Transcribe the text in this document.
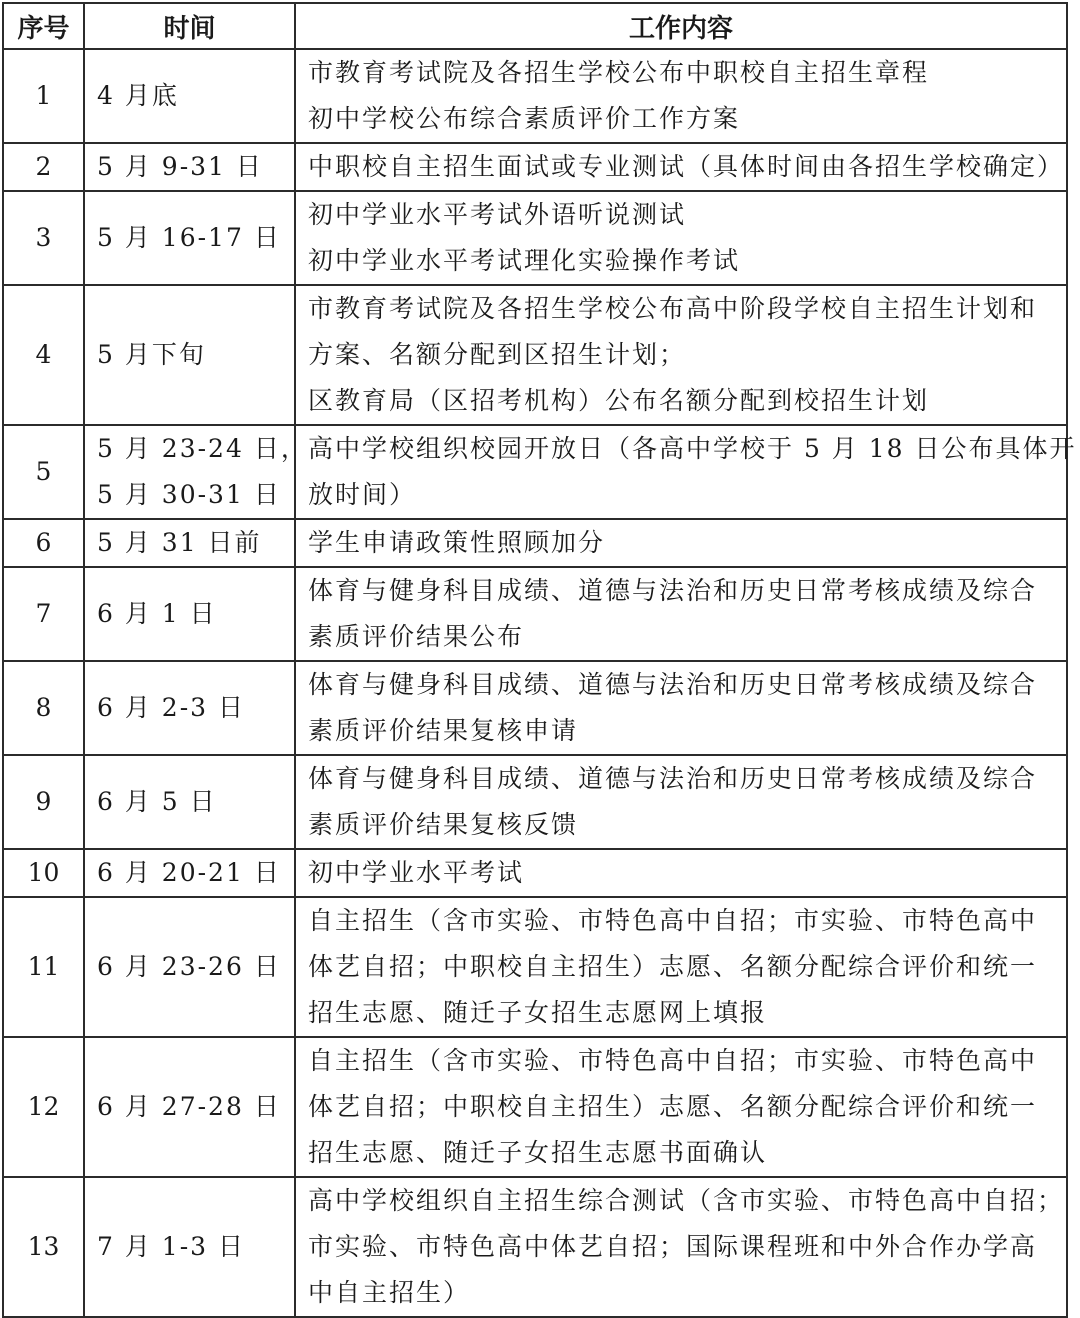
序号	时间	工作内容
1	4 月底	市教育考试院及各招生学校公布中职校自主招生章程
初中学校公布综合素质评价工作方案

2	5 月 9-31 日	中职校自主招生面试或专业测试（具体时间由各招生学校确定）

3	5 月 16-17 日	初中学业水平考试外语听说测试
初中学业水平考试理化实验操作考试

4	5 月下旬	市教育考试院及各招生学校公布高中阶段学校自主招生计划和
方案、名额分配到区招生计划；
区教育局（区招考机构）公布名额分配到校招生计划

5	5 月 23-24 日，
5 月 30-31 日	高中学校组织校园开放日（各高中学校于 5 月 18 日公布具体开
放时间）

6	5 月 31 日前	学生申请政策性照顾加分

7	6 月 1 日	体育与健身科目成绩、道德与法治和历史日常考核成绩及综合
素质评价结果公布

8	6 月 2-3 日	体育与健身科目成绩、道德与法治和历史日常考核成绩及综合
素质评价结果复核申请

9	6 月 5 日	体育与健身科目成绩、道德与法治和历史日常考核成绩及综合
素质评价结果复核反馈

10	6 月 20-21 日	初中学业水平考试

11	6 月 23-26 日	自主招生（含市实验、市特色高中自招；市实验、市特色高中
体艺自招；中职校自主招生）志愿、名额分配综合评价和统一
招生志愿、随迁子女招生志愿网上填报

12	6 月 27-28 日	自主招生（含市实验、市特色高中自招；市实验、市特色高中
体艺自招；中职校自主招生）志愿、名额分配综合评价和统一
招生志愿、随迁子女招生志愿书面确认

13	7 月 1-3 日	高中学校组织自主招生综合测试（含市实验、市特色高中自招；
市实验、市特色高中体艺自招；国际课程班和中外合作办学高
中自主招生）
